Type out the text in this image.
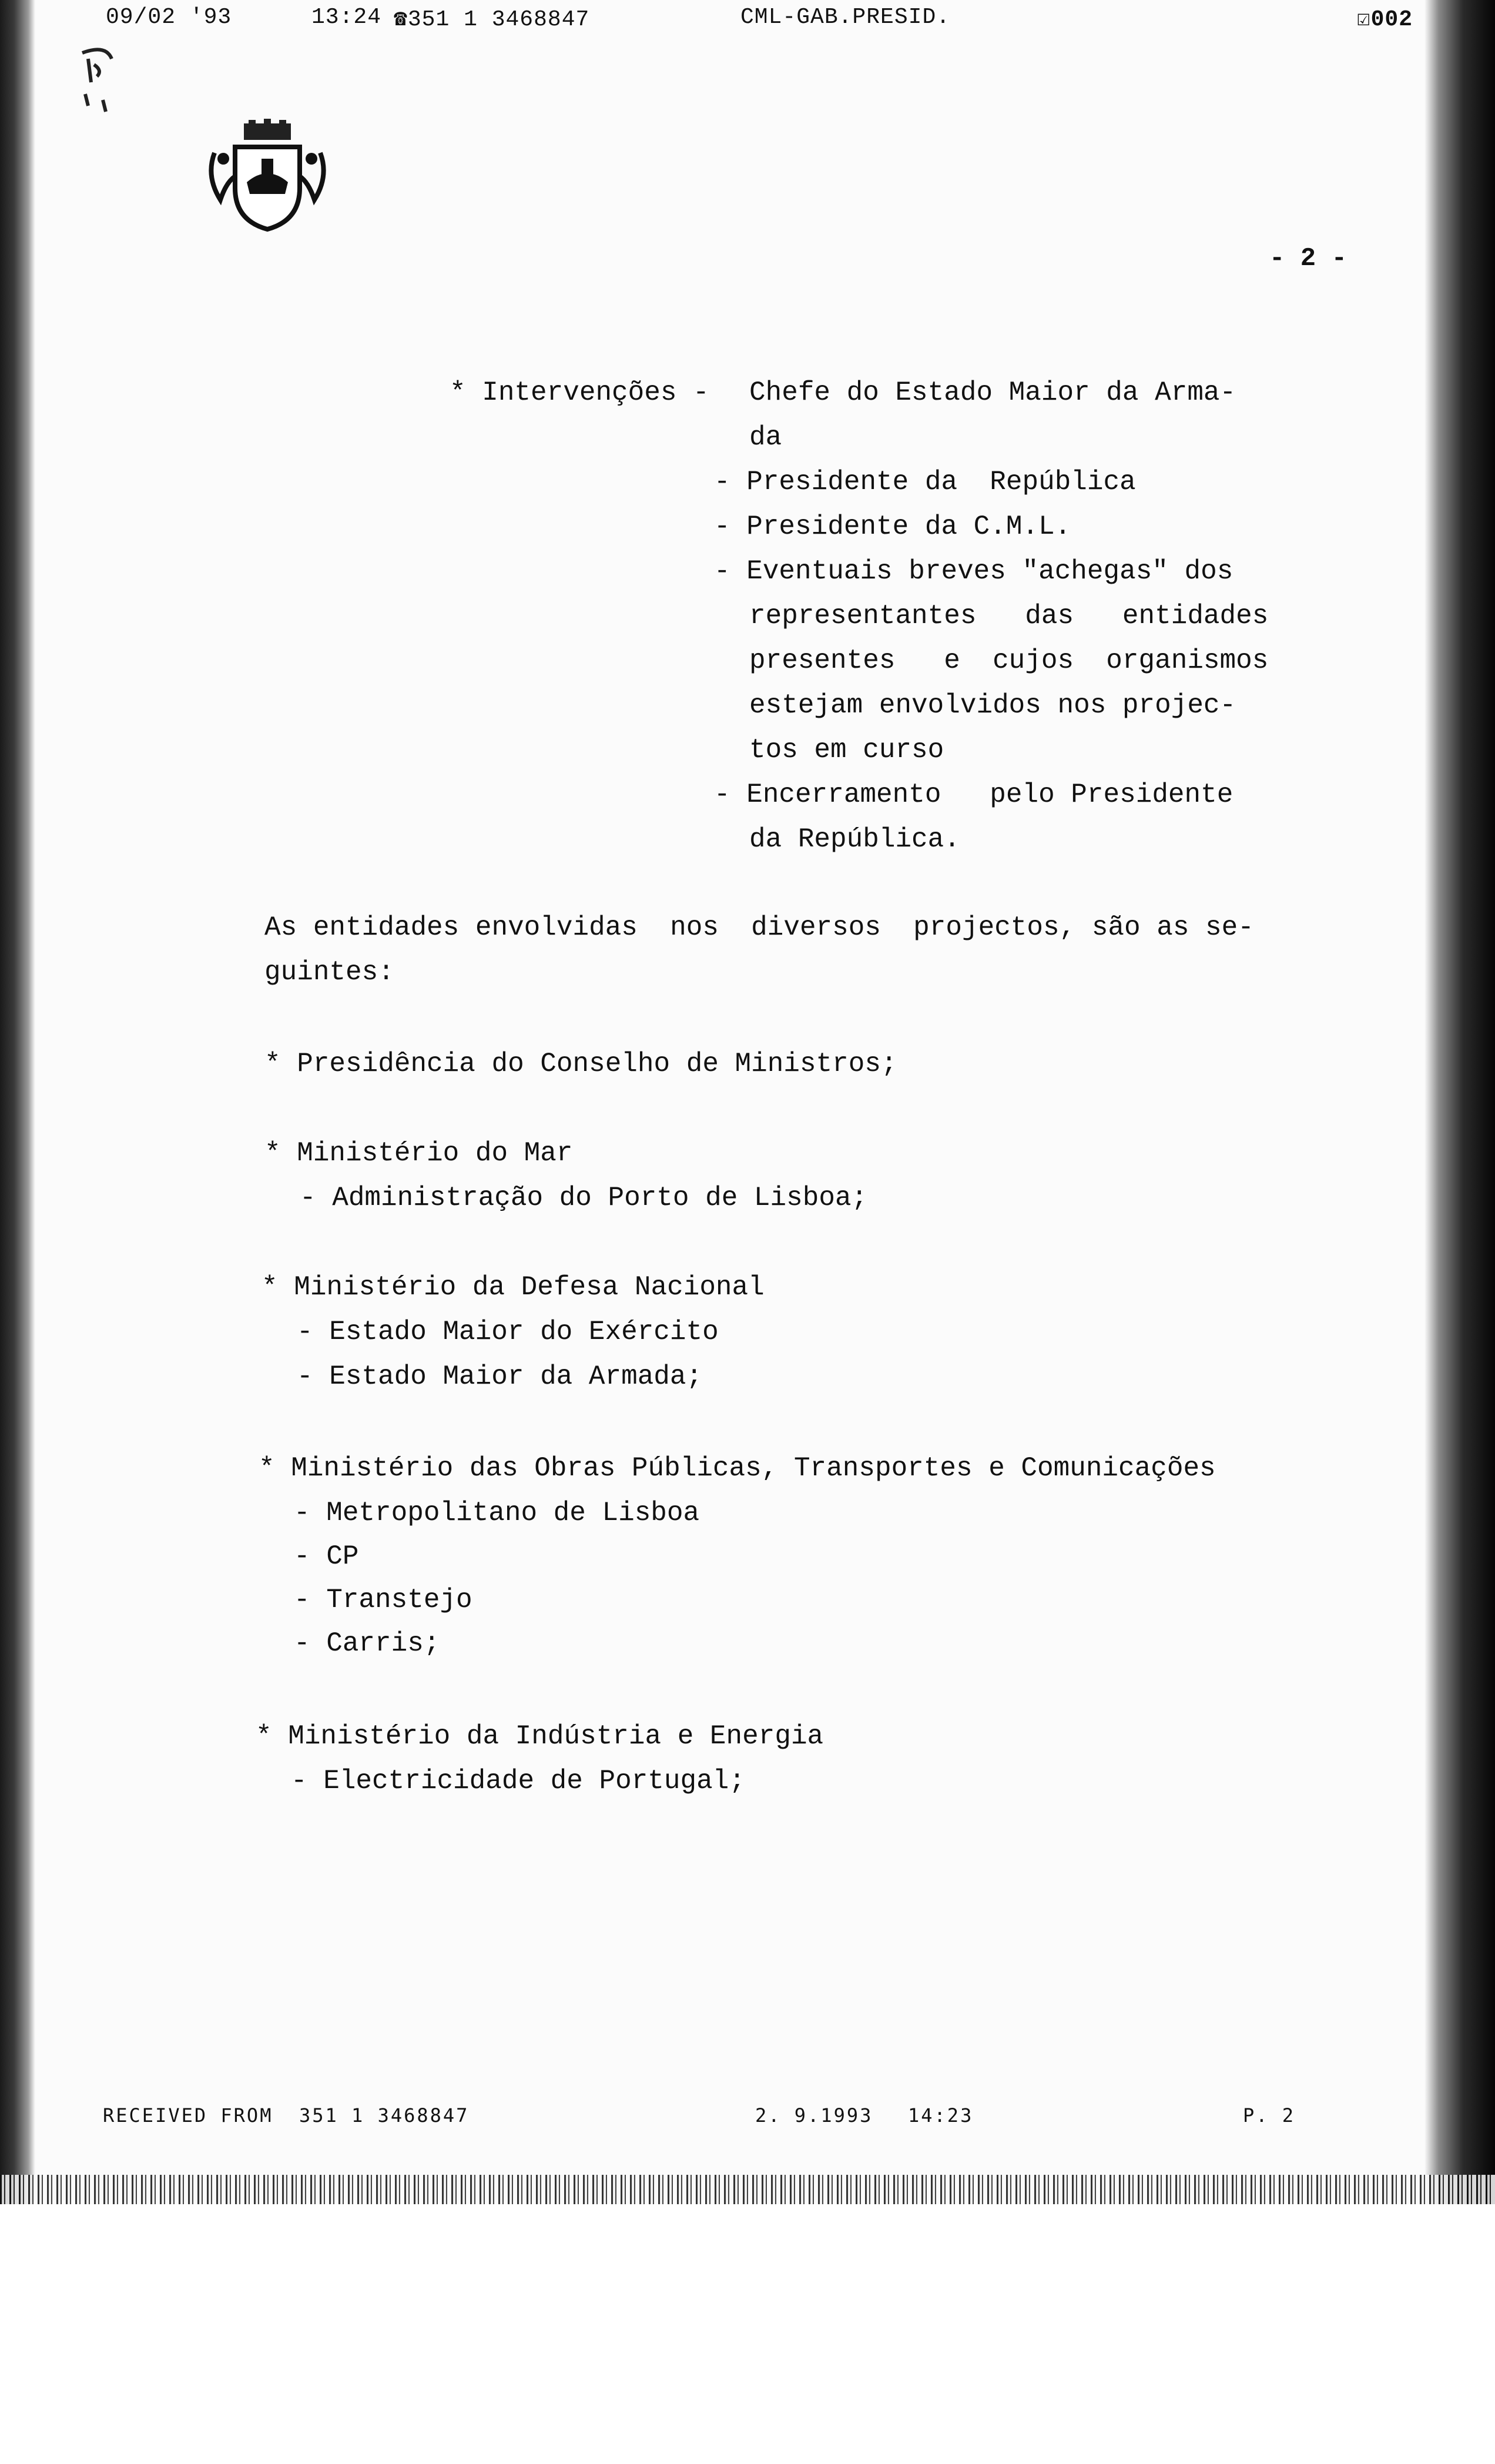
09/02 '93	13:24 ☎351 1 3468847	CML-GAB.PRESID.	☑002
- 2 -
* Intervenções - Chefe do Estado Maior da Arma-
da
- Presidente da  República
- Presidente da C.M.L.
- Eventuais breves "achegas" dos
representantes   das   entidades
presentes   e  cujos  organismos
estejam envolvidos nos projec-
tos em curso
- Encerramento   pelo Presidente
da República.
As entidades envolvidas  nos  diversos  projectos, são as se-
guintes:
* Presidência do Conselho de Ministros;
* Ministério do Mar
- Administração do Porto de Lisboa;
* Ministério da Defesa Nacional
- Estado Maior do Exército
- Estado Maior da Armada;
* Ministério das Obras Públicas, Transportes e Comunicações
- Metropolitano de Lisboa
- CP
- Transtejo
- Carris;
* Ministério da Indústria e Energia
- Electricidade de Portugal;
RECEIVED FROM  351 1 3468847	2. 9.1993 14:23	P. 2
